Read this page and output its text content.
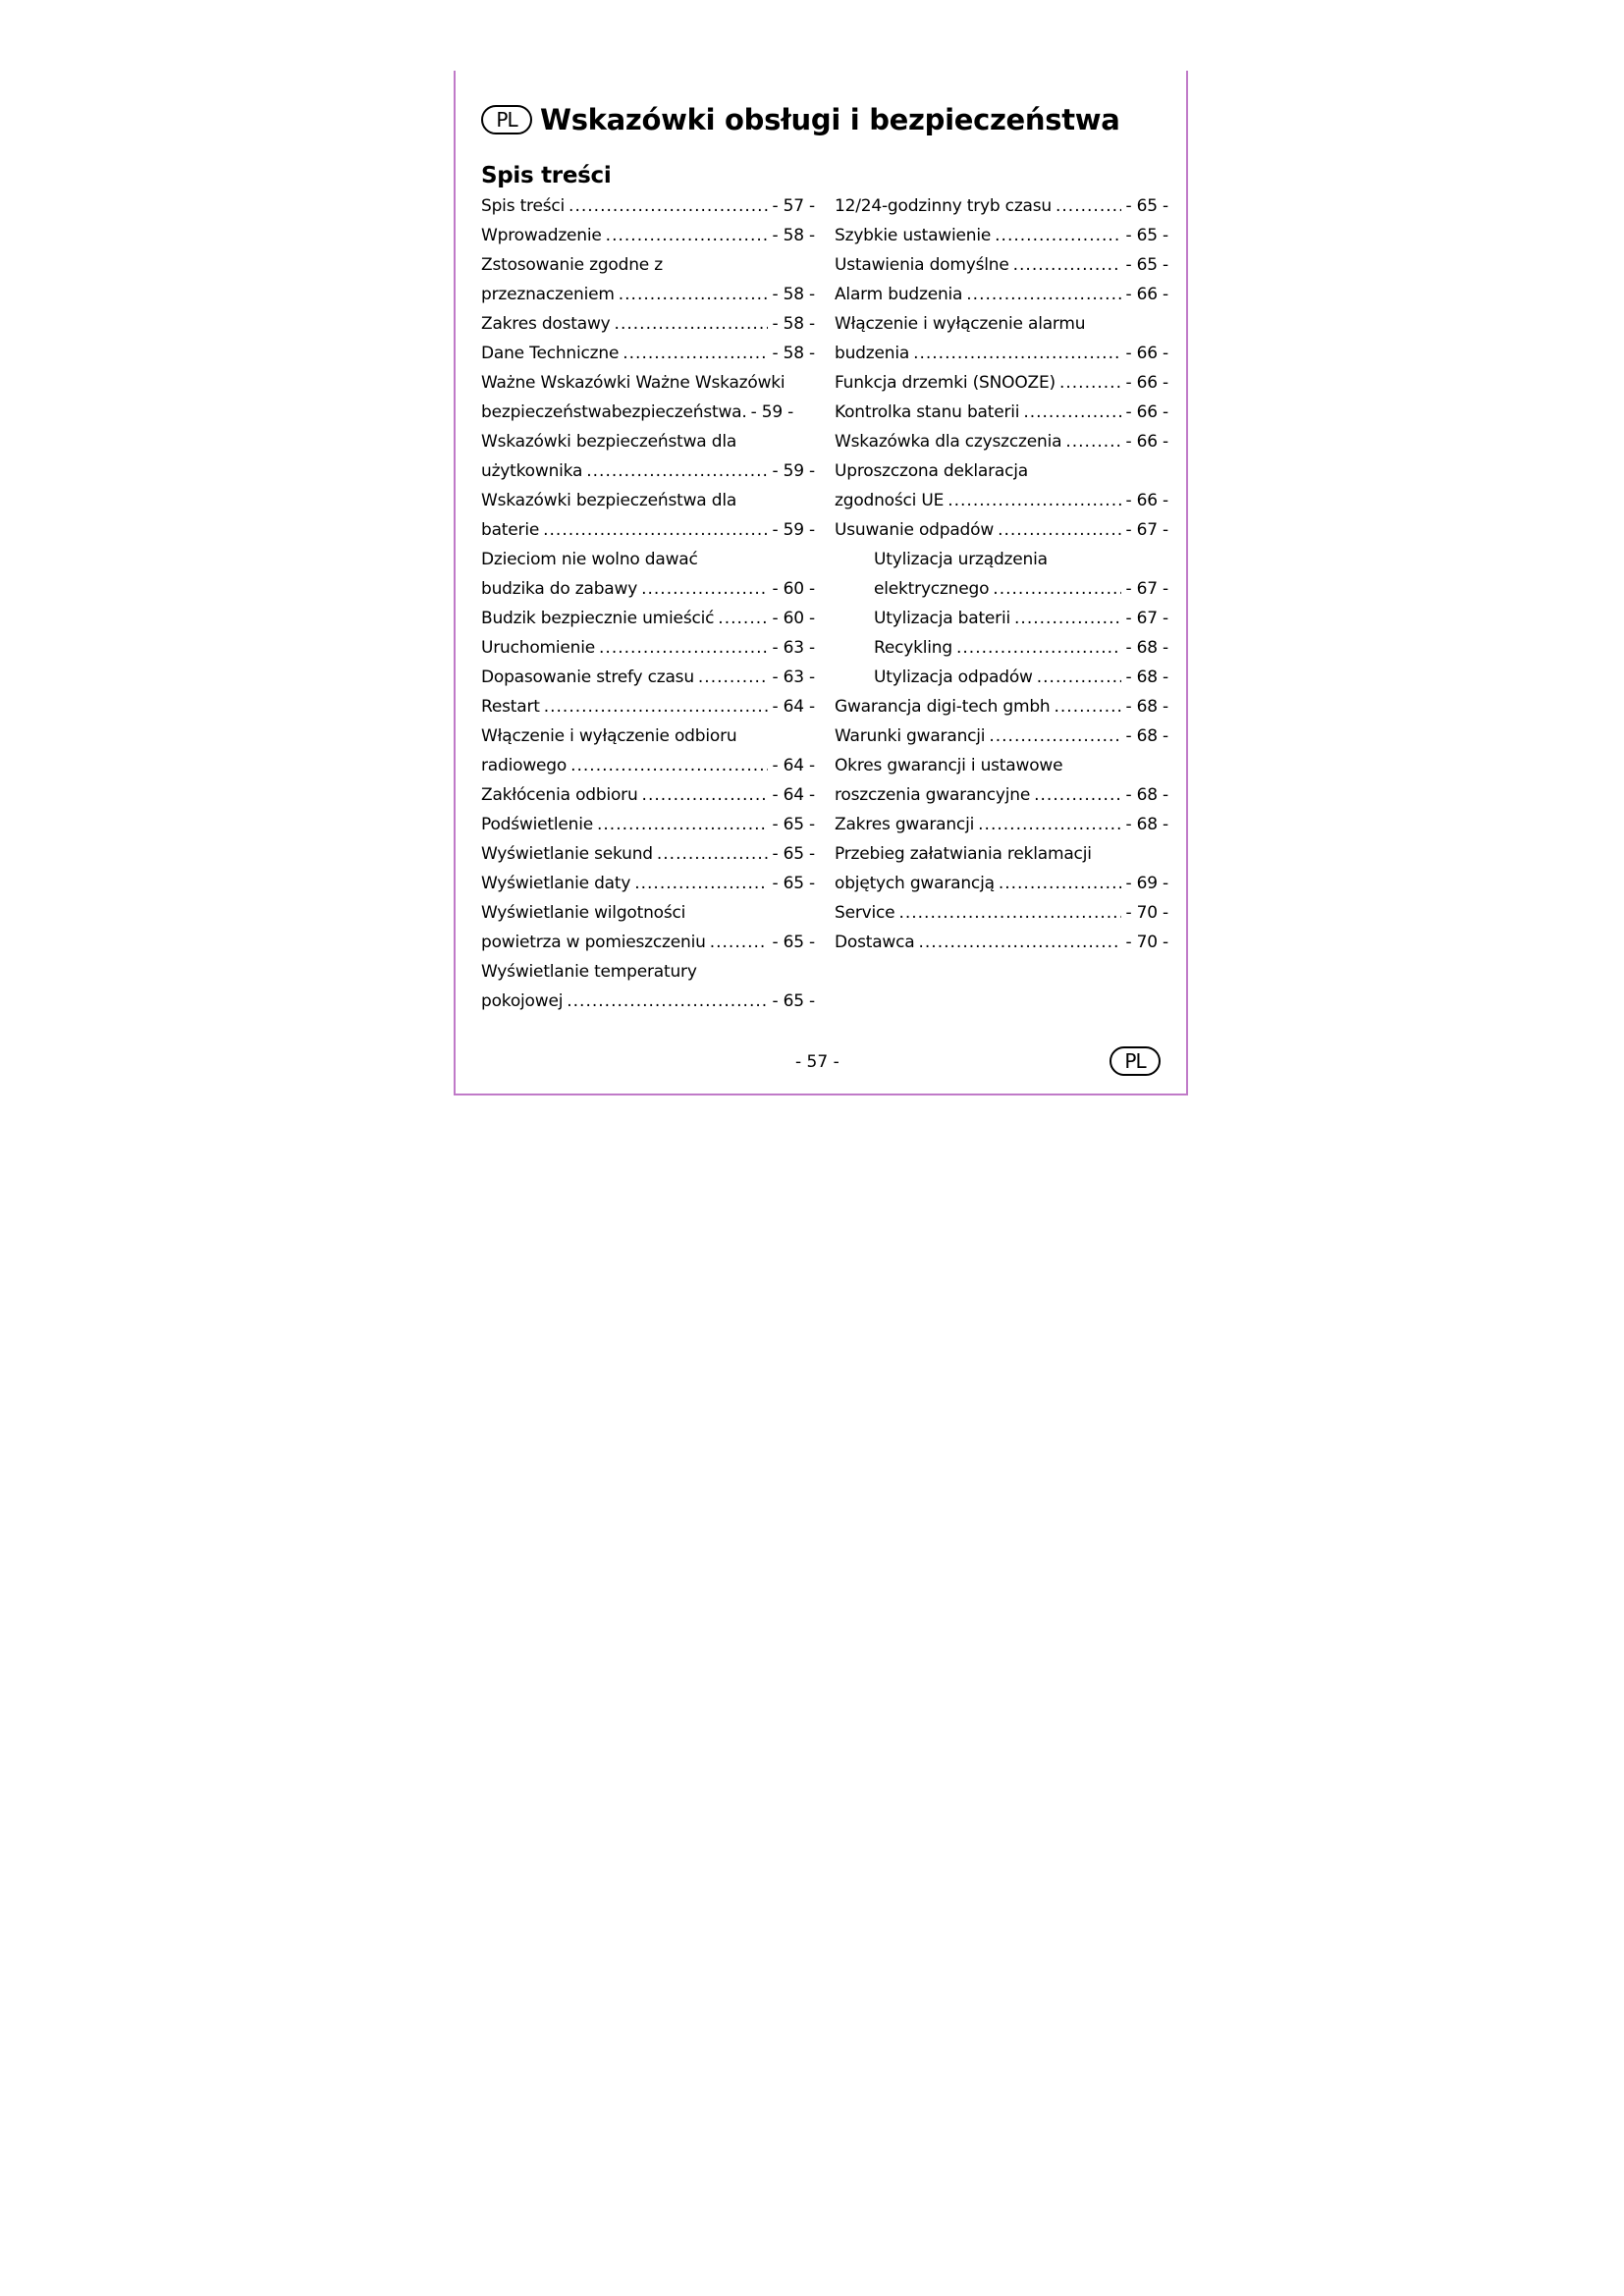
PL Wskazówki obsługi i bezpieczeństwa
Spis treści
Spis treści .....	- 57 -
Wprowadzenie .....	- 58 -
Zstosowanie zgodne z
przeznaczeniem .....	- 58 -
Zakres dostawy .....	- 58 -
Dane Techniczne .....	- 58 -
Ważne Wskazówki Ważne Wskazówki
bezpieczeństwabezpieczeństwa. - 59 -
Wskazówki bezpieczeństwa dla
użytkownika .....	- 59 -
Wskazówki bezpieczeństwa dla
baterie .....	- 59 -
Dzieciom nie wolno dawać
budzika do zabawy .....	- 60 -
Budzik bezpiecznie umieścić .....	- 60 -
Uruchomienie .....	- 63 -
Dopasowanie strefy czasu .....	- 63 -
Restart .....	- 64 -
Włączenie i wyłączenie odbioru
radiowego .....	- 64 -
Zakłócenia odbioru .....	- 64 -
Podświetlenie .....	- 65 -
Wyświetlanie sekund .....	- 65 -
Wyświetlanie daty .....	- 65 -
Wyświetlanie wilgotności
powietrza w pomieszczeniu .....	- 65 -
Wyświetlanie temperatury
pokojowej .....	- 65 -
12/24-godzinny tryb czasu .....	- 65 -
Szybkie ustawienie .....	- 65 -
Ustawienia domyślne .....	- 65 -
Alarm budzenia .....	- 66 -
Włączenie i wyłączenie alarmu
budzenia .....	- 66 -
Funkcja drzemki (SNOOZE) .....	- 66 -
Kontrolka stanu baterii .....	- 66 -
Wskazówka dla czyszczenia .....	- 66 -
Uproszczona deklaracja
zgodności UE .....	- 66 -
Usuwanie odpadów .....	- 67 -
Utylizacja urządzenia
elektrycznego .....	- 67 -
Utylizacja baterii .....	- 67 -
Recykling .....	- 68 -
Utylizacja odpadów .....	- 68 -
Gwarancja digi-tech gmbh .....	- 68 -
Warunki gwarancji .....	- 68 -
Okres gwarancji i ustawowe
roszczenia gwarancyjne .....	- 68 -
Zakres gwarancji .....	- 68 -
Przebieg załatwiania reklamacji
objętych gwarancją .....	- 69 -
Service .....	- 70 -
Dostawca .....	- 70 -
- 57 -	PL
